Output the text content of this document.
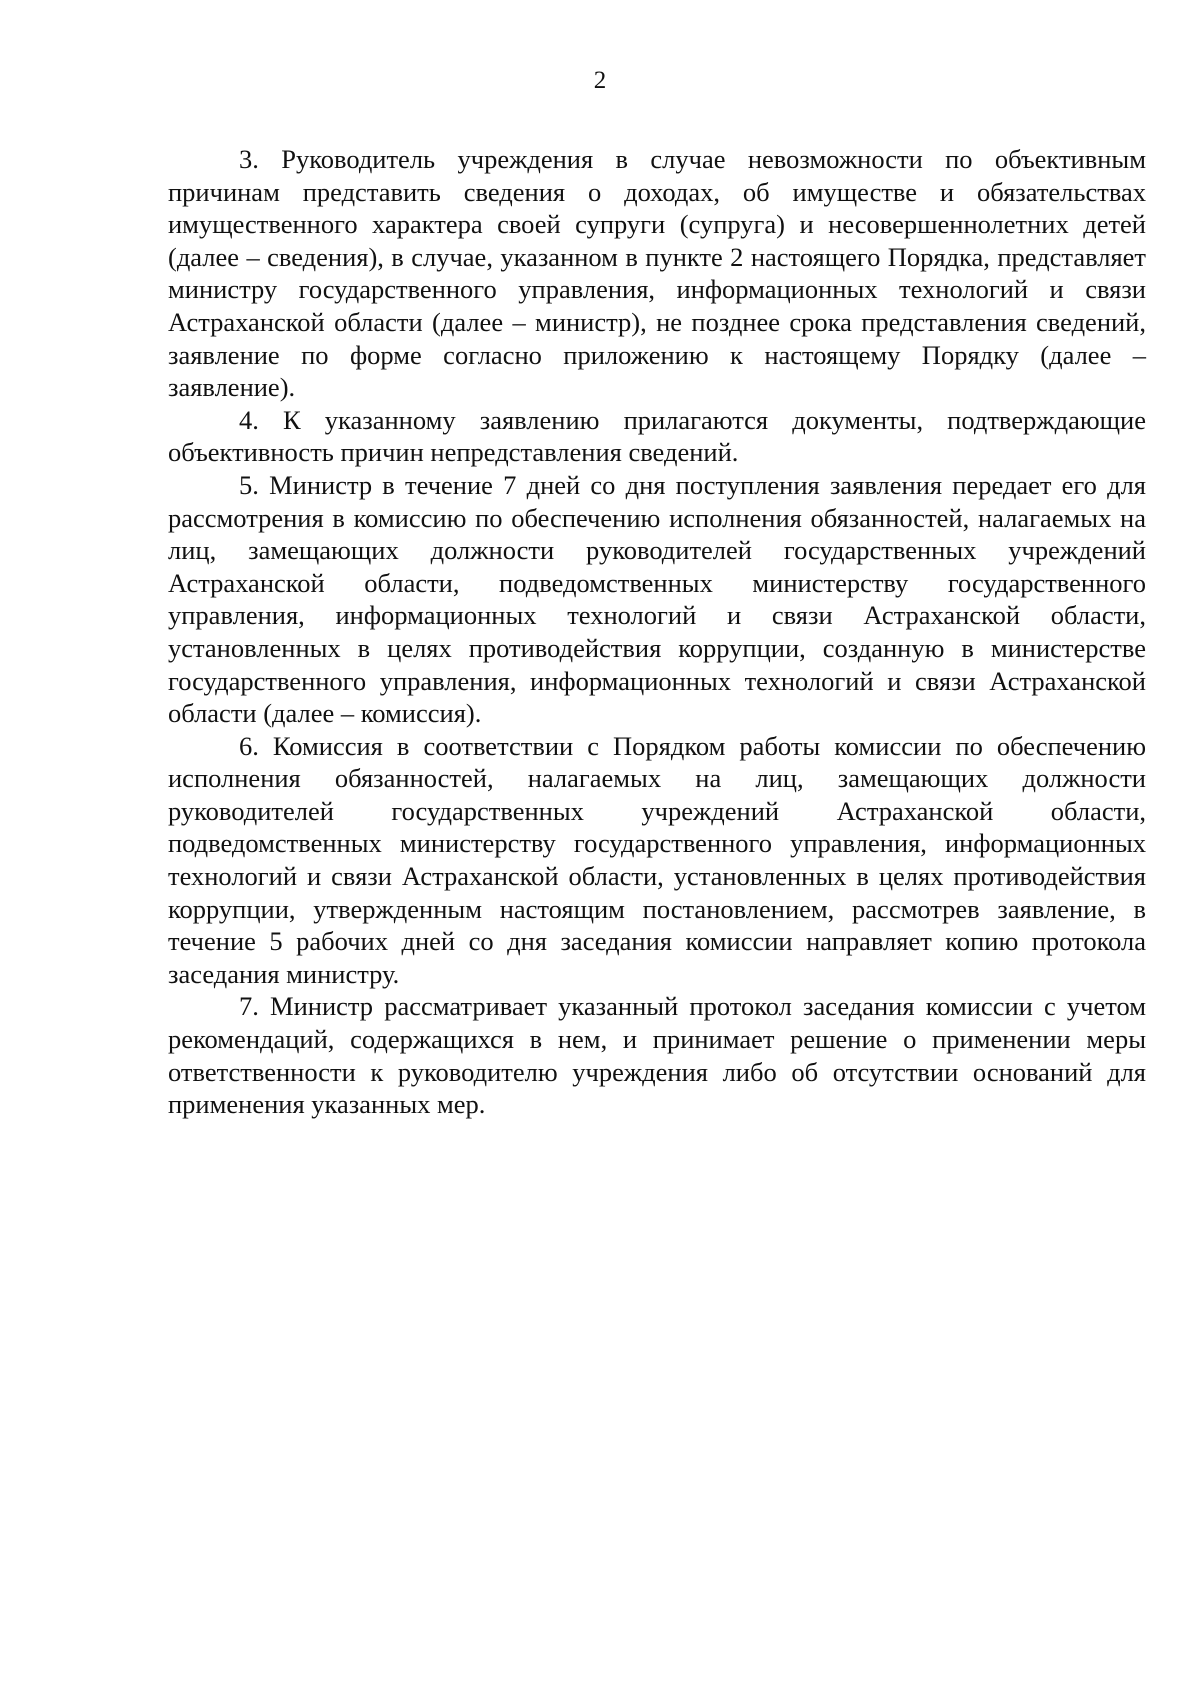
2

3. Руководитель учреждения в случае невозможности по объективным причинам представить сведения о доходах, об имуществе и обязательствах имущественного характера своей супруги (супруга) и несовершеннолетних детей (далее – сведения), в случае, указанном в пункте 2 настоящего Порядка, представляет министру государственного управления, информационных технологий и связи Астраханской области (далее – министр), не позднее срока представления сведений, заявление по форме согласно приложению к настоящему Порядку (далее – заявление).

4. К указанному заявлению прилагаются документы, подтверждающие объективность причин непредставления сведений.

5. Министр в течение 7 дней со дня поступления заявления передает его для рассмотрения в комиссию по обеспечению исполнения обязанностей, налагаемых на лиц, замещающих должности руководителей государственных учреждений Астраханской области, подведомственных министерству государственного управления, информационных технологий и связи Астраханской области, установленных в целях противодействия коррупции, созданную в министерстве государственного управления, информационных технологий и связи Астраханской области (далее – комиссия).

6. Комиссия в соответствии с Порядком работы комиссии по обеспечению исполнения обязанностей, налагаемых на лиц, замещающих должности руководителей государственных учреждений Астраханской области, подведомственных министерству государственного управления, информационных технологий и связи Астраханской области, установленных в целях противодействия коррупции, утвержденным настоящим постановлением, рассмотрев заявление, в течение 5 рабочих дней со дня заседания комиссии направляет копию протокола заседания министру.

7. Министр рассматривает указанный протокол заседания комиссии с учетом рекомендаций, содержащихся в нем, и принимает решение о применении меры ответственности к руководителю учреждения либо об отсутствии оснований для применения указанных мер.
